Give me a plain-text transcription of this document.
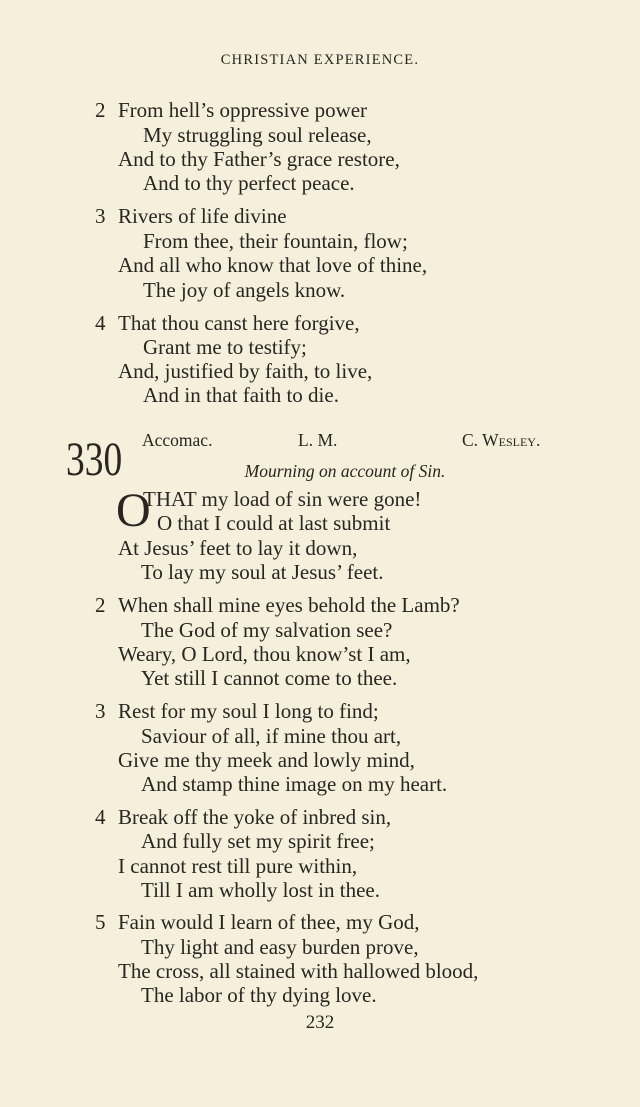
CHRISTIAN EXPERIENCE.
2 From hell’s oppressive power
My struggling soul release,
And to thy Father’s grace restore,
And to thy perfect peace.
3 Rivers of life divine
From thee, their fountain, flow;
And all who know that love of thine,
The joy of angels know.
4 That thou canst here forgive,
Grant me to testify;
And, justified by faith, to live,
And in that faith to die.
330 Accomac.	L. M.	C. Wesley.
Mourning on account of Sin.
O
THAT my load of sin were gone!
O that I could at last submit
At Jesus’ feet to lay it down,
To lay my soul at Jesus’ feet.
2 When shall mine eyes behold the Lamb?
The God of my salvation see?
Weary, O Lord, thou know’st I am,
Yet still I cannot come to thee.
3 Rest for my soul I long to find;
Saviour of all, if mine thou art,
Give me thy meek and lowly mind,
And stamp thine image on my heart.
4 Break off the yoke of inbred sin,
And fully set my spirit free;
I cannot rest till pure within,
Till I am wholly lost in thee.
5 Fain would I learn of thee, my God,
Thy light and easy burden prove,
The cross, all stained with hallowed blood,
The labor of thy dying love.
232
